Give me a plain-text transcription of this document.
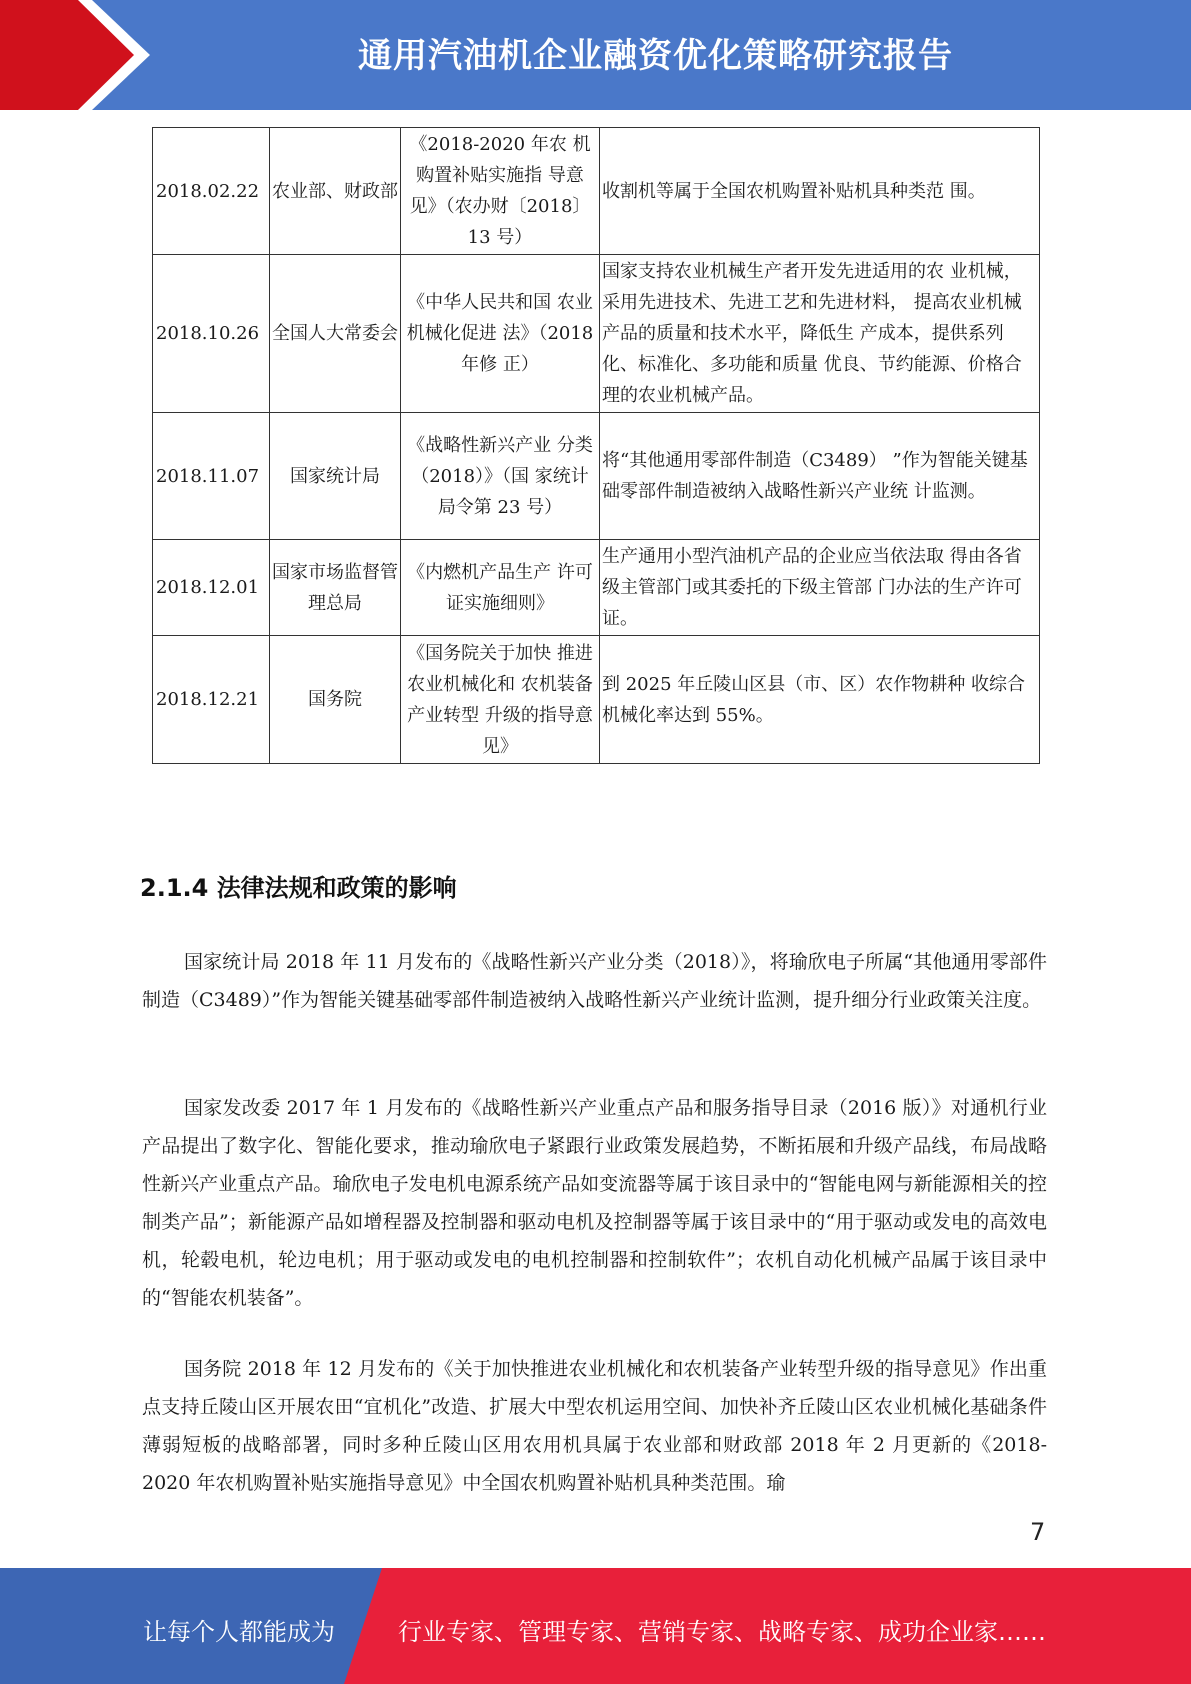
通用汽油机企业融资优化策略研究报告
2018.02.22	农业部、财政部	《2018-2020 年农 机购置补贴实施指 导意见》（农办财〔2018〕 13 号）	收割机等属于全国农机购置补贴机具种类范 围。
2018.10.26	全国人大常委会	《中华人民共和国 农业机械化促进 法》（2018 年修 正）	国家支持农业机械生产者开发先进适用的农 业机械，采用先进技术、先进工艺和先进材料， 提高农业机械产品的质量和技术水平，降低生 产成本，提供系列化、标准化、多功能和质量 优良、节约能源、价格合理的农业机械产品。
2018.11.07	国家统计局	《战略性新兴产业 分类（2018）》（国 家统计局令第 23 号）	将“其他通用零部件制造（C3489） ”作为智能关键基础零部件制造被纳入战略性新兴产业统 计监测。
2018.12.01	国家市场监督管理总局	《内燃机产品生产 许可证实施细则》	生产通用小型汽油机产品的企业应当依法取 得由各省级主管部门或其委托的下级主管部 门办法的生产许可证。
2018.12.21	国务院	《国务院关于加快 推进农业机械化和 农机装备产业转型 升级的指导意见》	到 2025 年丘陵山区县（市、区）农作物耕种 收综合机械化率达到 55%。
2.1.4 法律法规和政策的影响

国家统计局 2018 年 11 月发布的《战略性新兴产业分类（2018）》，将瑜欣电子所属“其他通用零部件制造（C3489）”作为智能关键基础零部件制造被纳入战略性新兴产业统计监测，提升细分行业政策关注度。

国家发改委 2017 年 1 月发布的《战略性新兴产业重点产品和服务指导目录（2016 版）》对通机行业产品提出了数字化、智能化要求，推动瑜欣电子紧跟行业政策发展趋势，不断拓展和升级产品线，布局战略性新兴产业重点产品。瑜欣电子发电机电源系统产品如变流器等属于该目录中的“智能电网与新能源相关的控制类产品”；新能源产品如增程器及控制器和驱动电机及控制器等属于该目录中的“用于驱动或发电的高效电机，轮毂电机，轮边电机；用于驱动或发电的电机控制器和控制软件”；农机自动化机械产品属于该目录中的“智能农机装备”。

国务院 2018 年 12 月发布的《关于加快推进农业机械化和农机装备产业转型升级的指导意见》作出重点支持丘陵山区开展农田“宜机化”改造、扩展大中型农机运用空间、加快补齐丘陵山区农业机械化基础条件薄弱短板的战略部署，同时多种丘陵山区用农用机具属于农业部和财政部 2018 年 2 月更新的《2018-2020 年农机购置补贴实施指导意见》中全国农机购置补贴机具种类范围。瑜

7
让每个人都能成为	行业专家、管理专家、营销专家、战略专家、成功企业家……
